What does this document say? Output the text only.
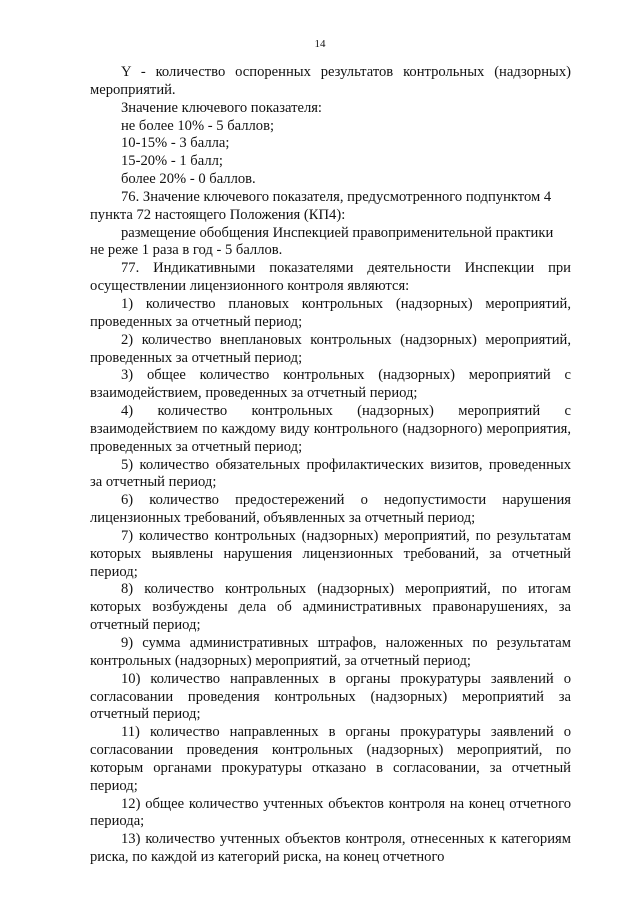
14

Y - количество оспоренных результатов контрольных (надзорных) мероприятий.

Значение ключевого показателя:

не более 10% - 5 баллов;

10-15% - 3 балла;

15-20% - 1 балл;

более 20% - 0 баллов.

76. Значение ключевого показателя, предусмотренного подпунктом 4 пункта 72 настоящего Положения (КП4):

размещение обобщения Инспекцией правоприменительной практики не реже 1 раза в год - 5 баллов.

77. Индикативными показателями деятельности Инспекции при осуществлении лицензионного контроля являются:

1) количество плановых контрольных (надзорных) мероприятий, проведенных за отчетный период;

2) количество внеплановых контрольных (надзорных) мероприятий, проведенных за отчетный период;

3) общее количество контрольных (надзорных) мероприятий с взаимодействием, проведенных за отчетный период;

4) количество контрольных (надзорных) мероприятий с взаимодействием по каждому виду контрольного (надзорного) мероприятия, проведенных за отчетный период;

5) количество обязательных профилактических визитов, проведенных за отчетный период;

6) количество предостережений о недопустимости нарушения лицензионных требований, объявленных за отчетный период;

7) количество контрольных (надзорных) мероприятий, по результатам которых выявлены нарушения лицензионных требований, за отчетный период;

8) количество контрольных (надзорных) мероприятий, по итогам которых возбуждены дела об административных правонарушениях, за отчетный период;

9) сумма административных штрафов, наложенных по результатам контрольных (надзорных) мероприятий, за отчетный период;

10) количество направленных в органы прокуратуры заявлений о согласовании проведения контрольных (надзорных) мероприятий за отчетный период;

11) количество направленных в органы прокуратуры заявлений о согласовании проведения контрольных (надзорных) мероприятий, по которым органами прокуратуры отказано в согласовании, за отчетный период;

12) общее количество учтенных объектов контроля на конец отчетного периода;

13) количество учтенных объектов контроля, отнесенных к категориям риска, по каждой из категорий риска, на конец отчетного
